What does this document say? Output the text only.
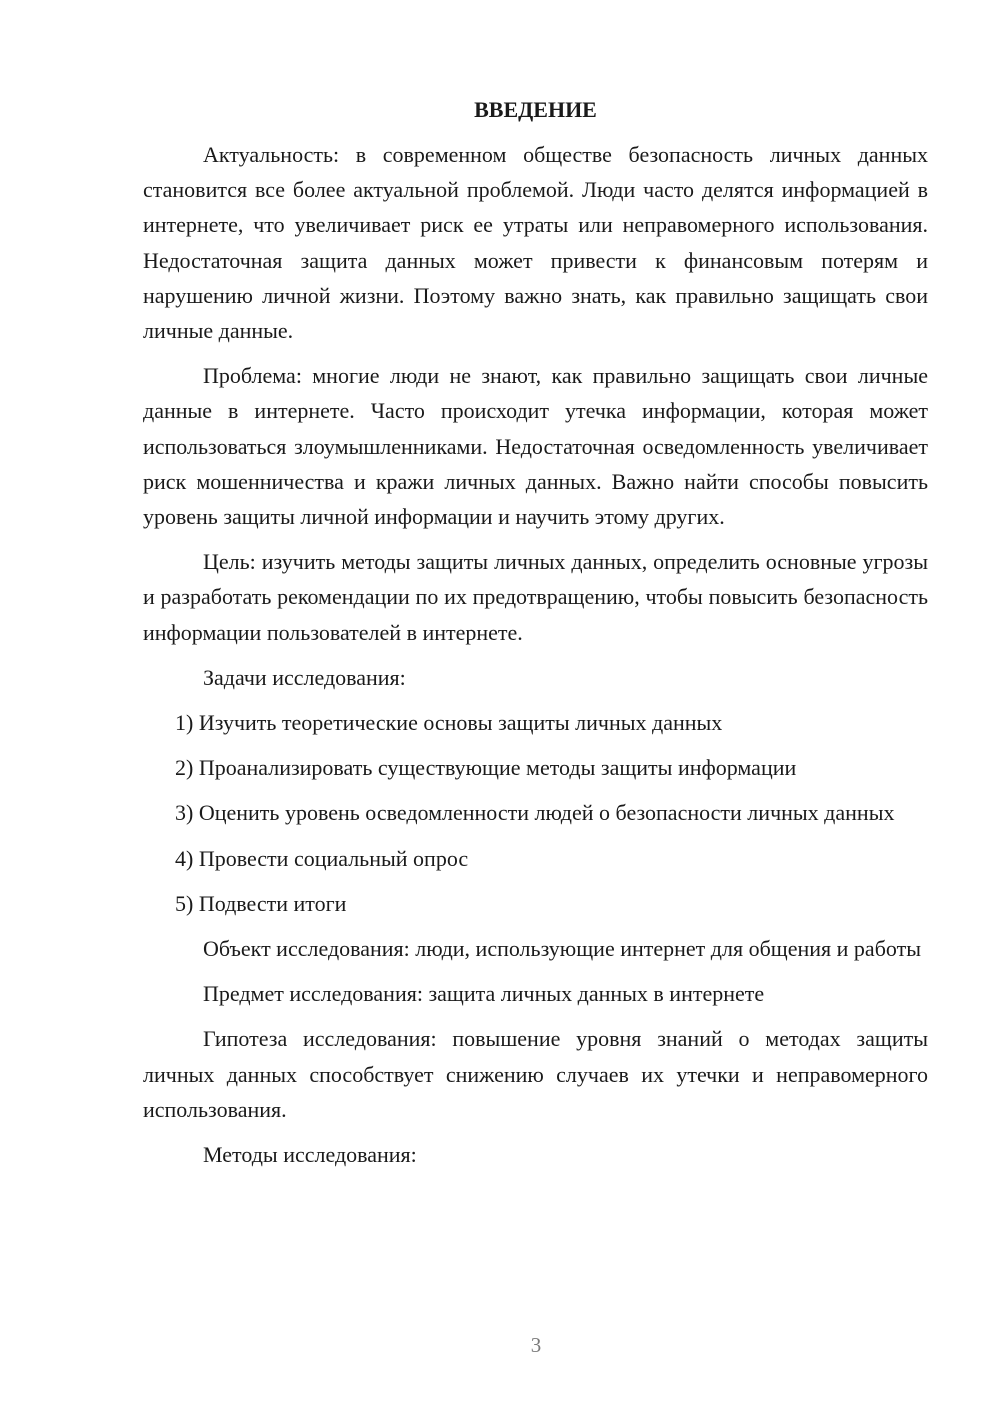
ВВЕДЕНИЕ

Актуальность: в современном обществе безопасность личных данных становится все более актуальной проблемой. Люди часто делятся информацией в интернете, что увеличивает риск ее утраты или неправомерного использования. Недостаточная защита данных может привести к финансовым потерям и нарушению личной жизни. Поэтому важно знать, как правильно защищать свои личные данные.

Проблема: многие люди не знают, как правильно защищать свои личные данные в интернете. Часто происходит утечка информации, которая может использоваться злоумышленниками. Недостаточная осведомленность увеличивает риск мошенничества и кражи личных данных. Важно найти способы повысить уровень защиты личной информации и научить этому других.

Цель: изучить методы защиты личных данных, определить основные угрозы и разработать рекомендации по их предотвращению, чтобы повысить безопасность информации пользователей в интернете.

Задачи исследования:

1) Изучить теоретические основы защиты личных данных

2) Проанализировать существующие методы защиты информации

3) Оценить уровень осведомленности людей о безопасности личных данных

4) Провести социальный опрос

5) Подвести итоги

Объект исследования: люди, использующие интернет для общения и работы

Предмет исследования: защита личных данных в интернете

Гипотеза исследования: повышение уровня знаний о методах защиты личных данных способствует снижению случаев их утечки и неправомерного использования.

Методы исследования:

3
